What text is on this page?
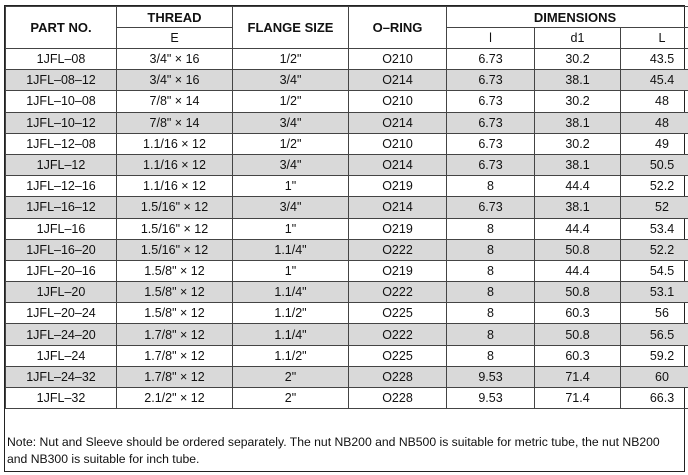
PART NO.	THREAD	FLANGE SIZE	O–RING	DIMENSIONS		
	E			l	d1	L
1JFL–08	3/4" × 16	1/2"	O210	6.73	30.2	43.5
1JFL–08–12	3/4" × 16	3/4"	O214	6.73	38.1	45.4
1JFL–10–08	7/8" × 14	1/2"	O210	6.73	30.2	48
1JFL–10–12	7/8" × 14	3/4"	O214	6.73	38.1	48
1JFL–12–08	1.1/16 × 12	1/2"	O210	6.73	30.2	49
1JFL–12	1.1/16 × 12	3/4"	O214	6.73	38.1	50.5
1JFL–12–16	1.1/16 × 12	1"	O219	8	44.4	52.2
1JFL–16–12	1.5/16" × 12	3/4"	O214	6.73	38.1	52
1JFL–16	1.5/16" × 12	1"	O219	8	44.4	53.4
1JFL–16–20	1.5/16" × 12	1.1/4"	O222	8	50.8	52.2
1JFL–20–16	1.5/8" × 12	1"	O219	8	44.4	54.5
1JFL–20	1.5/8" × 12	1.1/4"	O222	8	50.8	53.1
1JFL–20–24	1.5/8" × 12	1.1/2"	O225	8	60.3	56
1JFL–24–20	1.7/8" × 12	1.1/4"	O222	8	50.8	56.5
1JFL–24	1.7/8" × 12	1.1/2"	O225	8	60.3	59.2
1JFL–24–32	1.7/8" × 12	2"	O228	9.53	71.4	60
1JFL–32	2.1/2" × 12	2"	O228	9.53	71.4	66.3
Note: Nut and Sleeve should be ordered separately. The nut NB200 and NB500 is suitable for metric tube, the nut NB200 and NB300 is suitable for inch tube.
